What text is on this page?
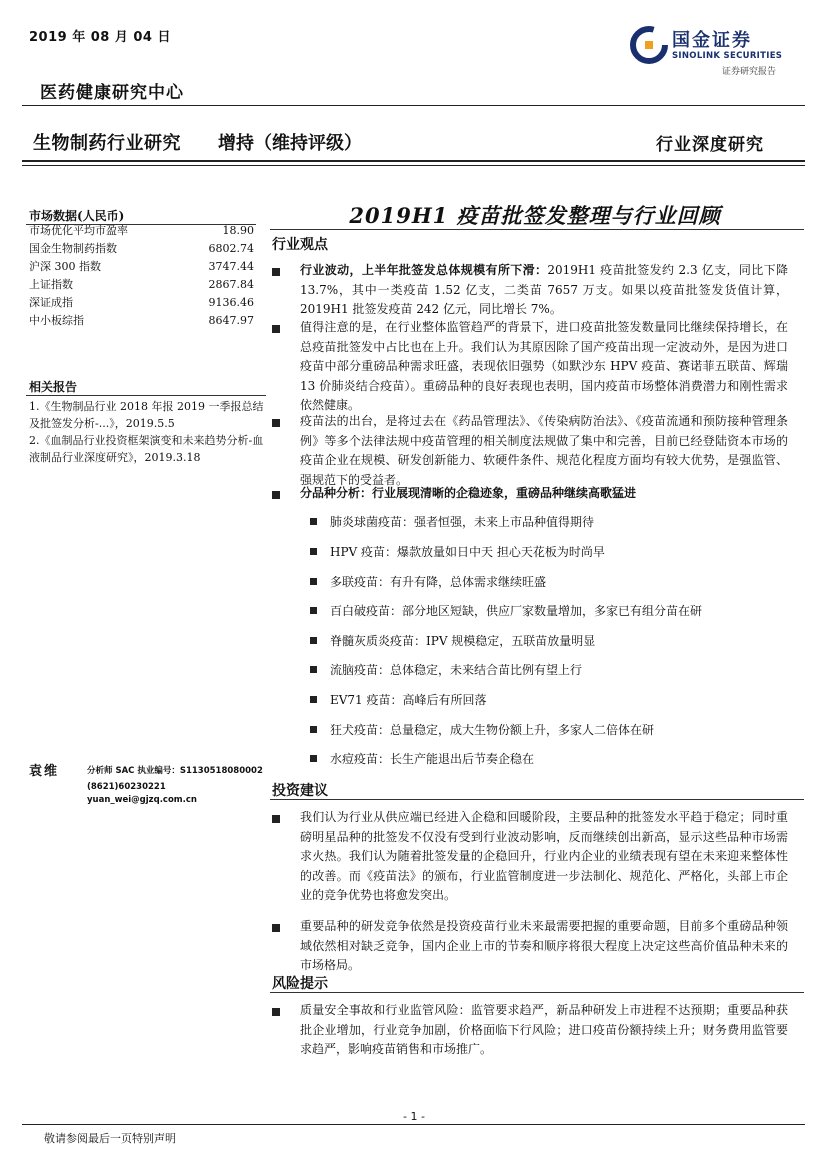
2019 年 08 月 04 日	国金证券
SINOLINK SECURITIES
证券研究报告
医药健康研究中心
生物制药行业研究 增持（维持评级）	行业深度研究
市场数据(人民币)
市场优化平均市盈率	18.90
国金生物制药指数	6802.74
沪深 300 指数	3747.44
上证指数	2867.84
深证成指	9136.46
中小板综指	8647.97
相关报告
1.《生物制品行业 2018 年报 2019 一季报总结及批签发分析-...》，2019.5.5
2.《血制品行业投资框架演变和未来趋势分析-血液制品行业深度研究》，2019.3.18
袁维	分析师 SAC 执业编号：S1130518080002
(8621)60230221
yuan_wei@gjzq.com.cn
2019H1 疫苗批签发整理与行业回顾
行业观点
行业波动，上半年批签发总体规模有所下滑：2019H1 疫苗批签发约 2.3 亿支，同比下降 13.7%，其中一类疫苗 1.52 亿支，二类苗 7657 万支。如果以疫苗批签发货值计算，2019H1 批签发疫苗 242 亿元，同比增长 7%。
值得注意的是，在行业整体监管趋严的背景下，进口疫苗批签发数量同比继续保持增长，在总疫苗批签发中占比也在上升。我们认为其原因除了国产疫苗出现一定波动外，是因为进口疫苗中部分重磅品种需求旺盛，表现依旧强势（如默沙东 HPV 疫苗、赛诺菲五联苗、辉瑞 13 价肺炎结合疫苗）。重磅品种的良好表现也表明，国内疫苗市场整体消费潜力和刚性需求依然健康。
疫苗法的出台，是将过去在《药品管理法》、《传染病防治法》、《疫苗流通和预防接种管理条例》等多个法律法规中疫苗管理的相关制度法规做了集中和完善，目前已经登陆资本市场的疫苗企业在规模、研发创新能力、软硬件条件、规范化程度方面均有较大优势，是强监管、强规范下的受益者。
分品种分析：行业展现清晰的企稳迹象，重磅品种继续高歌猛进
肺炎球菌疫苗：强者恒强，未来上市品种值得期待
HPV 疫苗：爆款放量如日中天 担心天花板为时尚早
多联疫苗：有升有降，总体需求继续旺盛
百白破疫苗：部分地区短缺，供应厂家数量增加，多家已有组分苗在研
脊髓灰质炎疫苗：IPV 规模稳定，五联苗放量明显
流脑疫苗：总体稳定，未来结合苗比例有望上行
EV71 疫苗：高峰后有所回落
狂犬疫苗：总量稳定，成大生物份额上升，多家人二倍体在研
水痘疫苗：长生产能退出后节奏企稳在
投资建议
我们认为行业从供应端已经进入企稳和回暖阶段，主要品种的批签发水平趋于稳定；同时重磅明星品种的批签发不仅没有受到行业波动影响，反而继续创出新高，显示这些品种市场需求火热。我们认为随着批签发量的企稳回升，行业内企业的业绩表现有望在未来迎来整体性的改善。而《疫苗法》的颁布，行业监管制度进一步法制化、规范化、严格化，头部上市企业的竞争优势也将愈发突出。
重要品种的研发竞争依然是投资疫苗行业未来最需要把握的重要命题，目前多个重磅品种领域依然相对缺乏竞争，国内企业上市的节奏和顺序将很大程度上决定这些高价值品种未来的市场格局。
风险提示
质量安全事故和行业监管风险：监管要求趋严，新品种研发上市进程不达预期；重要品种获批企业增加，行业竞争加剧，价格面临下行风险；进口疫苗份额持续上升；财务费用监管要求趋严，影响疫苗销售和市场推广。
- 1 -
敬请参阅最后一页特别声明
